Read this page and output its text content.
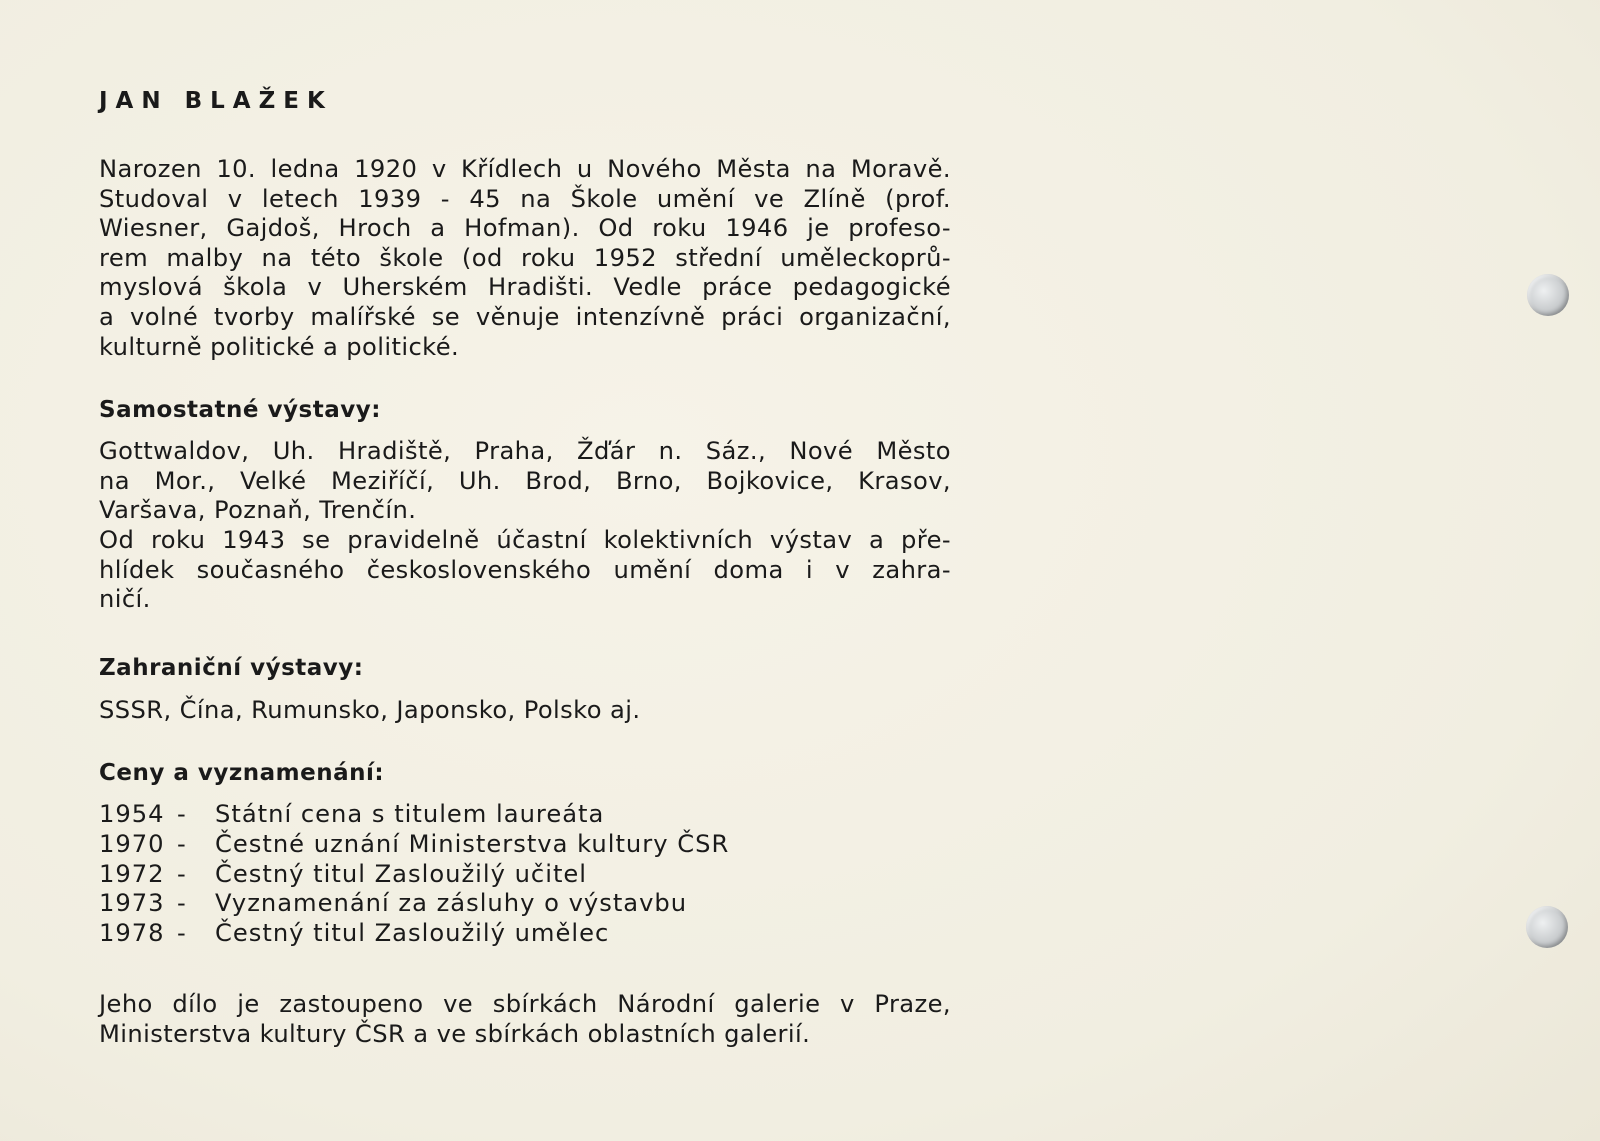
JAN BLAŽEK
Narozen 10. ledna 1920 v Křídlech u Nového Města na Moravě.
Studoval v letech 1939 - 45 na Škole umění ve Zlíně (prof.
Wiesner, Gajdoš, Hroch a Hofman). Od roku 1946 je profeso-
rem malby na této škole (od roku 1952 střední uměleckoprů-
myslová škola v Uherském Hradišti. Vedle práce pedagogické
a volné tvorby malířské se věnuje intenzívně práci organizační,
kulturně politické a politické.
Samostatné výstavy:
Gottwaldov, Uh. Hradiště, Praha, Žďár n. Sáz., Nové Město
na Mor., Velké Meziříčí, Uh. Brod, Brno, Bojkovice, Krasov,
Varšava, Poznaň, Trenčín.
Od roku 1943 se pravidelně účastní kolektivních výstav a pře-
hlídek současného československého umění doma i v zahra-
ničí.
Zahraniční výstavy:
SSSR, Čína, Rumunsko, Japonsko, Polsko aj.
Ceny a vyznamenání:
1954 -	Státní cena s titulem laureáta
1970 -	Čestné uznání Ministerstva kultury ČSR
1972 -	Čestný titul Zasloužilý učitel
1973 -	Vyznamenání za zásluhy o výstavbu
1978 -	Čestný titul Zasloužilý umělec
Jeho dílo je zastoupeno ve sbírkách Národní galerie v Praze,
Ministerstva kultury ČSR a ve sbírkách oblastních galerií.
